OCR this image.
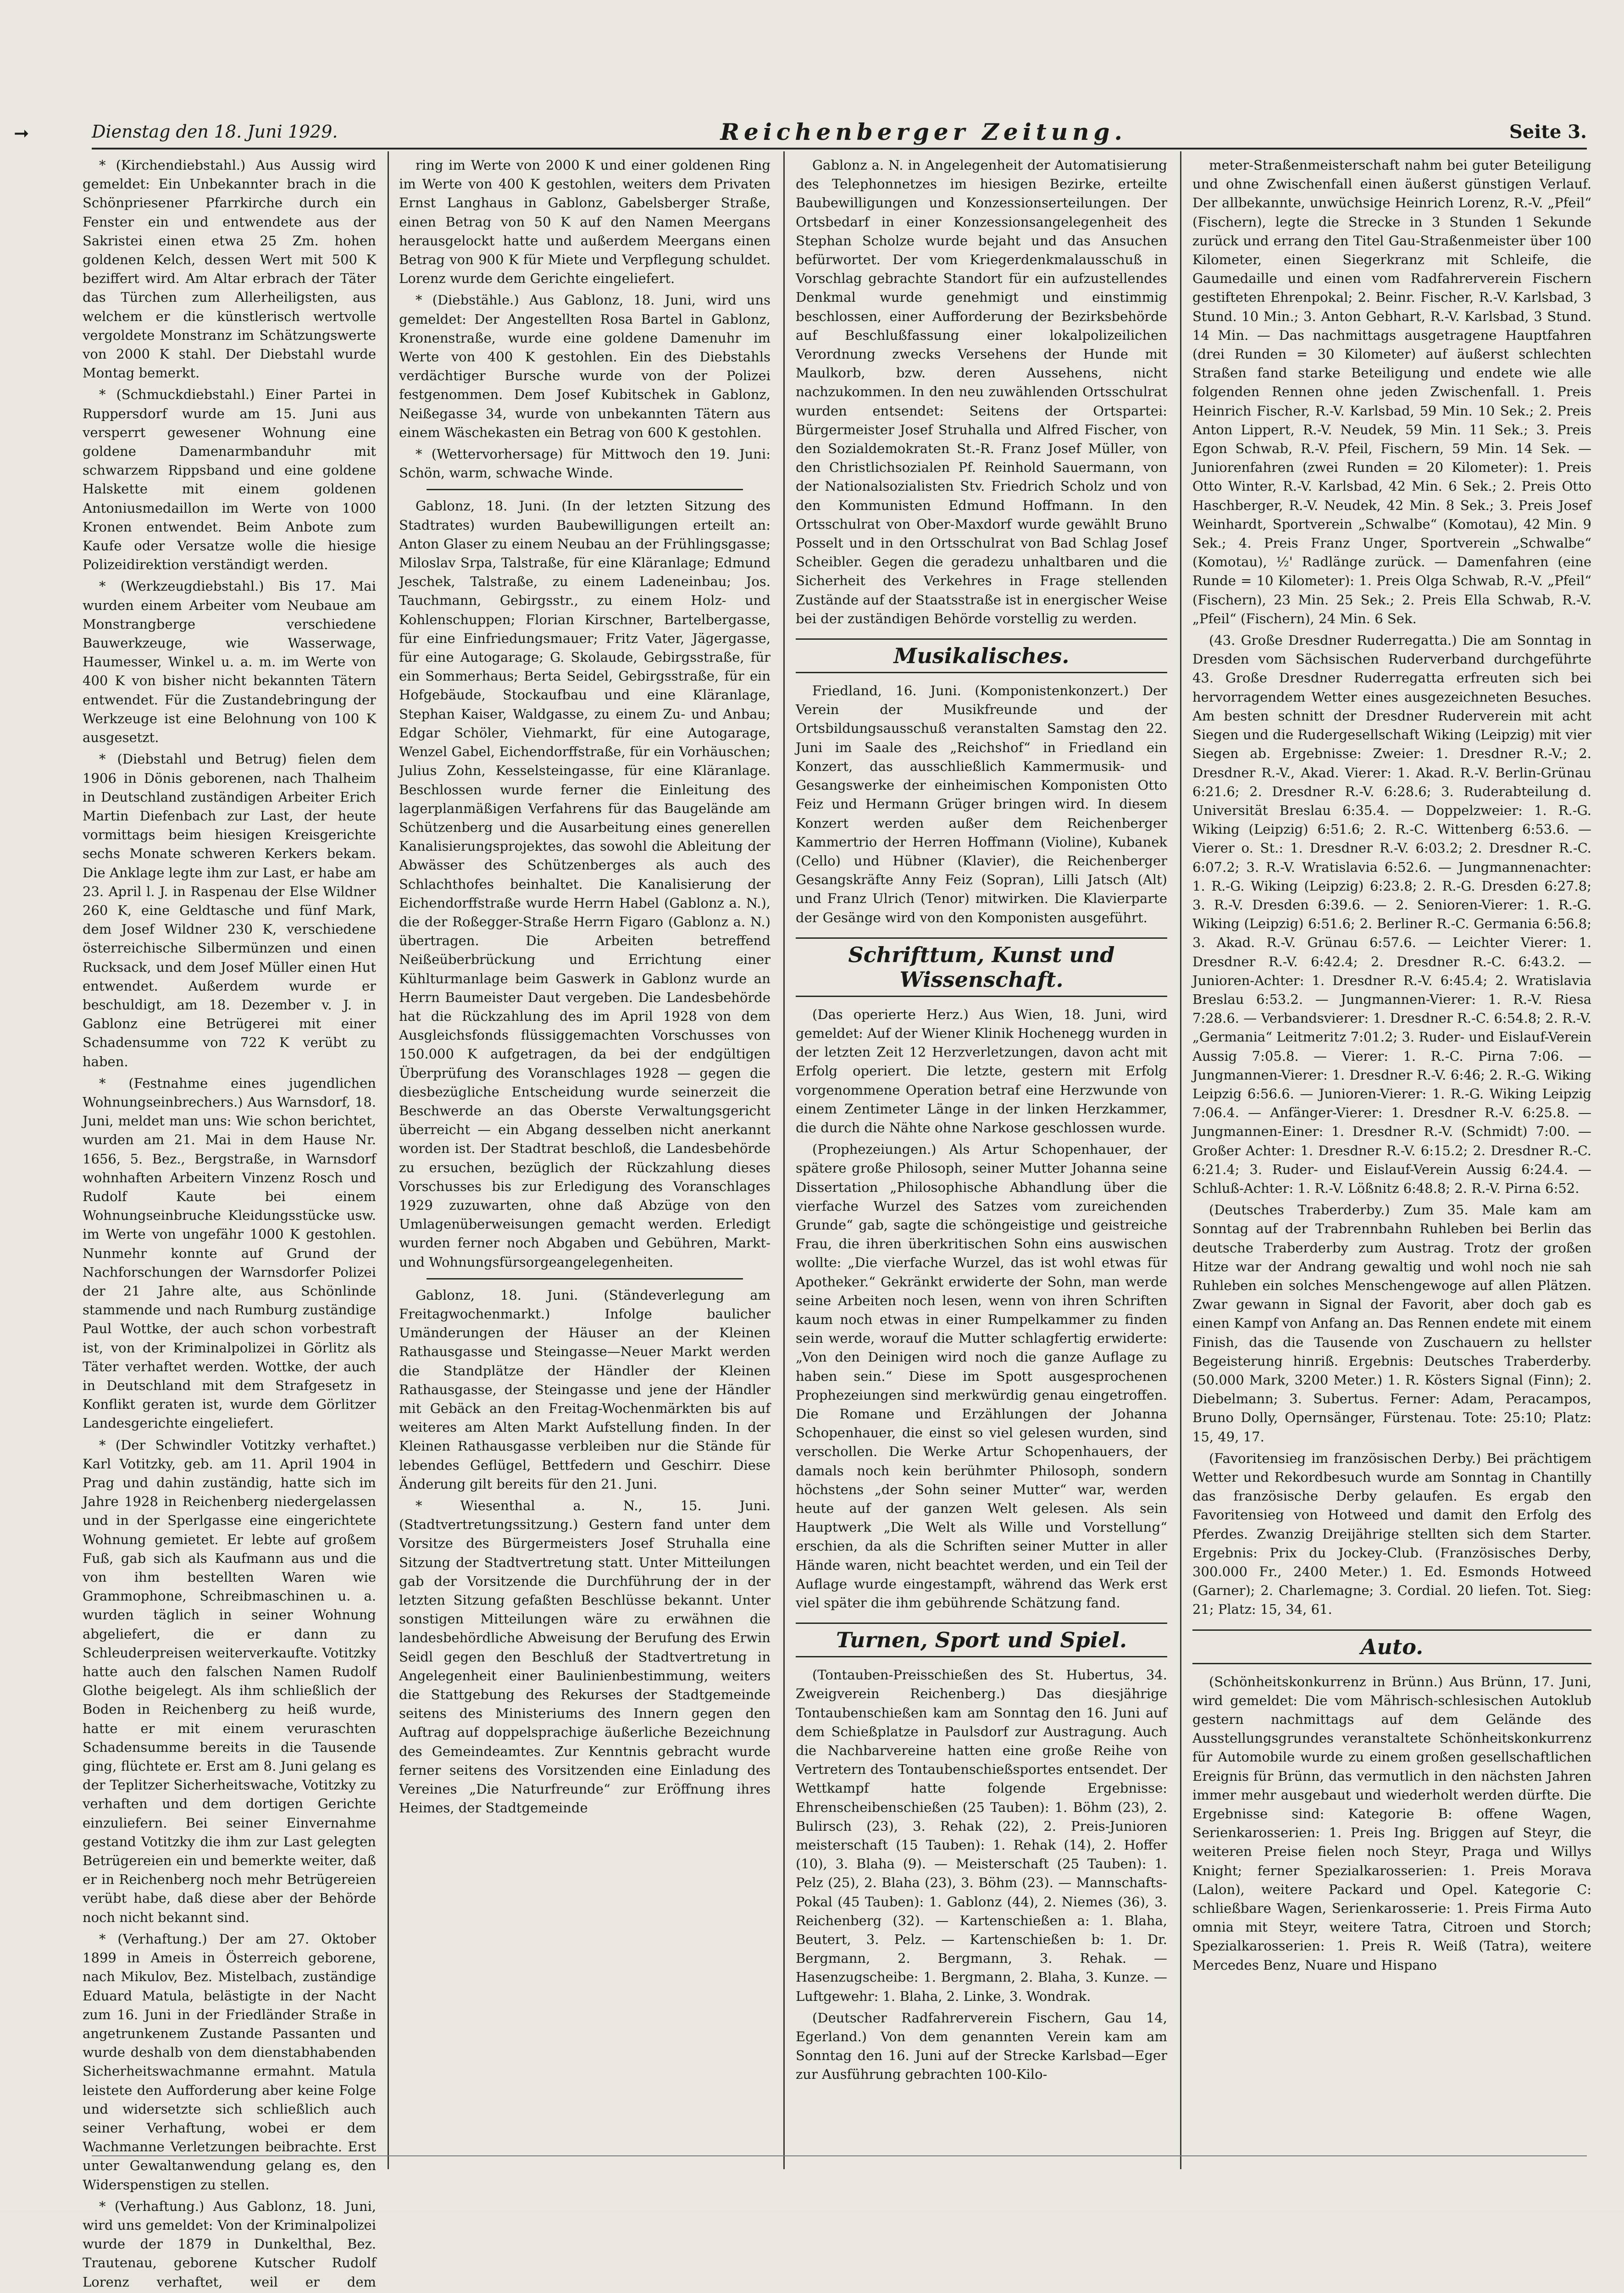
➞	Dienstag den 18. Juni 1929.	Reichenberger Zeitung.	Seite 3.

* (Kirchendiebstahl.) Aus Aussig wird gemeldet: Ein Unbekannter brach in die Schönpriesener Pfarrkirche durch ein Fenster ein und entwendete aus der Sakristei einen etwa 25 Zm. hohen goldenen Kelch, dessen Wert mit 500 K beziffert wird. Am Altar erbrach der Täter das Türchen zum Allerheiligsten, aus welchem er die künstlerisch wertvolle vergoldete Monstranz im Schätzungswerte von 2000 K stahl. Der Diebstahl wurde Montag bemerkt.

* (Schmuckdiebstahl.) Einer Partei in Ruppersdorf wurde am 15. Juni aus versperrt gewesener Wohnung eine goldene Damenarmbanduhr mit schwarzem Rippsband und eine goldene Halskette mit einem goldenen Antoniusmedaillon im Werte von 1000 Kronen entwendet. Beim Anbote zum Kaufe oder Versatze wolle die hiesige Polizeidirektion verständigt werden.

* (Werkzeugdiebstahl.) Bis 17. Mai wurden einem Arbeiter vom Neubaue am Monstrangberge verschiedene Bauwerkzeuge, wie Wasserwage, Haumesser, Winkel u. a. m. im Werte von 400 K von bisher nicht bekannten Tätern entwendet. Für die Zustandebringung der Werkzeuge ist eine Belohnung von 100 K ausgesetzt.

* (Diebstahl und Betrug) fielen dem 1906 in Dönis geborenen, nach Thalheim in Deutschland zuständigen Arbeiter Erich Martin Diefenbach zur Last, der heute vormittags beim hiesigen Kreisgerichte sechs Monate schweren Kerkers bekam. Die Anklage legte ihm zur Last, er habe am 23. April l. J. in Raspenau der Else Wildner 260 K, eine Geldtasche und fünf Mark, dem Josef Wildner 230 K, verschiedene österreichische Silbermünzen und einen Rucksack, und dem Josef Müller einen Hut entwendet. Außerdem wurde er beschuldigt, am 18. Dezember v. J. in Gablonz eine Betrügerei mit einer Schadensumme von 722 K verübt zu haben.

* (Festnahme eines jugendlichen Wohnungseinbrechers.) Aus Warnsdorf, 18. Juni, meldet man uns: Wie schon berichtet, wurden am 21. Mai in dem Hause Nr. 1656, 5. Bez., Bergstraße, in Warnsdorf wohnhaften Arbeitern Vinzenz Rosch und Rudolf Kaute bei einem Wohnungseinbruche Kleidungsstücke usw. im Werte von ungefähr 1000 K gestohlen. Nunmehr konnte auf Grund der Nachforschungen der Warnsdorfer Polizei der 21 Jahre alte, aus Schönlinde stammende und nach Rumburg zuständige Paul Wottke, der auch schon vorbestraft ist, von der Kriminalpolizei in Görlitz als Täter verhaftet werden. Wottke, der auch in Deutschland mit dem Strafgesetz in Konflikt geraten ist, wurde dem Görlitzer Landesgerichte eingeliefert.

* (Der Schwindler Votitzky verhaftet.) Karl Votitzky, geb. am 11. April 1904 in Prag und dahin zuständig, hatte sich im Jahre 1928 in Reichenberg niedergelassen und in der Sperlgasse eine eingerichtete Wohnung gemietet. Er lebte auf großem Fuß, gab sich als Kaufmann aus und die von ihm bestellten Waren wie Grammophone, Schreibmaschinen u. a. wurden täglich in seiner Wohnung abgeliefert, die er dann zu Schleuderpreisen weiterverkaufte. Votitzky hatte auch den falschen Namen Rudolf Glothe beigelegt. Als ihm schließlich der Boden in Reichenberg zu heiß wurde, hatte er mit einem veruraschten Schadensumme bereits in die Tausende ging, flüchtete er. Erst am 8. Juni gelang es der Teplitzer Sicherheitswache, Votitzky zu verhaften und dem dortigen Gerichte einzuliefern. Bei seiner Einvernahme gestand Votitzky die ihm zur Last gelegten Betrügereien ein und bemerkte weiter, daß er in Reichenberg noch mehr Betrügereien verübt habe, daß diese aber der Behörde noch nicht bekannt sind.

* (Verhaftung.) Der am 27. Oktober 1899 in Ameis in Österreich geborene, nach Mikulov, Bez. Mistelbach, zuständige Eduard Matula, belästigte in der Nacht zum 16. Juni in der Friedländer Straße in angetrunkenem Zustande Passanten und wurde deshalb von dem dienstabhabenden Sicherheitswachmanne ermahnt. Matula leistete den Aufforderung aber keine Folge und widersetzte sich schließlich auch seiner Verhaftung, wobei er dem Wachmanne Verletzungen beibrachte. Erst unter Gewaltanwendung gelang es, den Widerspenstigen zu stellen.

* (Verhaftung.) Aus Gablonz, 18. Juni, wird uns gemeldet: Von der Kriminalpolizei wurde der 1879 in Dunkelthal, Bez. Trautenau, geborene Kutscher Rudolf Lorenz verhaftet, weil er dem

ring im Werte von 2000 K und einer goldenen Ring im Werte von 400 K gestohlen, weiters dem Privaten Ernst Langhaus in Gablonz, Gabelsberger Straße, einen Betrag von 50 K auf den Namen Meergans herausgelockt hatte und außerdem Meergans einen Betrag von 900 K für Miete und Verpflegung schuldet. Lorenz wurde dem Gerichte eingeliefert.

* (Diebstähle.) Aus Gablonz, 18. Juni, wird uns gemeldet: Der Angestellten Rosa Bartel in Gablonz, Kronenstraße, wurde eine goldene Damenuhr im Werte von 400 K gestohlen. Ein des Diebstahls verdächtiger Bursche wurde von der Polizei festgenommen. Dem Josef Kubitschek in Gablonz, Neißegasse 34, wurde von unbekannten Tätern aus einem Wäschekasten ein Betrag von 600 K gestohlen.

* (Wettervorhersage) für Mittwoch den 19. Juni: Schön, warm, schwache Winde.

Gablonz, 18. Juni. (In der letzten Sitzung des Stadtrates) wurden Baubewilligungen erteilt an: Anton Glaser zu einem Neubau an der Frühlingsgasse; Miloslav Srpa, Talstraße, für eine Kläranlage; Edmund Jeschek, Talstraße, zu einem Ladeneinbau; Jos. Tauchmann, Gebirgsstr., zu einem Holz- und Kohlenschuppen; Florian Kirschner, Bartelbergasse, für eine Einfriedungsmauer; Fritz Vater, Jägergasse, für eine Autogarage; G. Skolaude, Gebirgsstraße, für ein Sommerhaus; Berta Seidel, Gebirgsstraße, für ein Hofgebäude, Stockaufbau und eine Kläranlage, Stephan Kaiser, Waldgasse, zu einem Zu- und Anbau; Edgar Schöler, Viehmarkt, für eine Autogarage, Wenzel Gabel, Eichendorffstraße, für ein Vorhäuschen; Julius Zohn, Kesselsteingasse, für eine Kläranlage. Beschlossen wurde ferner die Einleitung des lagerplanmäßigen Verfahrens für das Baugelände am Schützenberg und die Ausarbeitung eines generellen Kanalisierungsprojektes, das sowohl die Ableitung der Abwässer des Schützenberges als auch des Schlachthofes beinhaltet. Die Kanalisierung der Eichendorffstraße wurde Herrn Habel (Gablonz a. N.), die der Roßegger-Straße Herrn Figaro (Gablonz a. N.) übertragen. Die Arbeiten betreffend Neißeüberbrückung und Errichtung einer Kühlturmanlage beim Gaswerk in Gablonz wurde an Herrn Baumeister Daut vergeben. Die Landesbehörde hat die Rückzahlung des im April 1928 von dem Ausgleichsfonds flüssiggemachten Vorschusses von 150.000 K aufgetragen, da bei der endgültigen Überprüfung des Voranschlages 1928 — gegen die diesbezügliche Entscheidung wurde seinerzeit die Beschwerde an das Oberste Verwaltungsgericht überreicht — ein Abgang desselben nicht anerkannt worden ist. Der Stadtrat beschloß, die Landesbehörde zu ersuchen, bezüglich der Rückzahlung dieses Vorschusses bis zur Erledigung des Voranschlages 1929 zuzuwarten, ohne daß Abzüge von den Umlagenüberweisungen gemacht werden. Erledigt wurden ferner noch Abgaben und Gebühren, Markt- und Wohnungsfürsorgeangelegenheiten.

Gablonz, 18. Juni. (Ständeverlegung am Freitagwochenmarkt.) Infolge baulicher Umänderungen der Häuser an der Kleinen Rathausgasse und Steingasse—Neuer Markt werden die Standplätze der Händler der Kleinen Rathausgasse, der Steingasse und jene der Händler mit Gebäck an den Freitag-Wochenmärkten bis auf weiteres am Alten Markt Aufstellung finden. In der Kleinen Rathausgasse verbleiben nur die Stände für lebendes Geflügel, Bettfedern und Geschirr. Diese Änderung gilt bereits für den 21. Juni.

* Wiesenthal a. N., 15. Juni. (Stadtvertretungssitzung.) Gestern fand unter dem Vorsitze des Bürgermeisters Josef Struhalla eine Sitzung der Stadtvertretung statt. Unter Mitteilungen gab der Vorsitzende die Durchführung der in der letzten Sitzung gefaßten Beschlüsse bekannt. Unter sonstigen Mitteilungen wäre zu erwähnen die landesbehördliche Abweisung der Berufung des Erwin Seidl gegen den Beschluß der Stadtvertretung in Angelegenheit einer Baulinienbestimmung, weiters die Stattgebung des Rekurses der Stadtgemeinde seitens des Ministeriums des Innern gegen den Auftrag auf doppelsprachige äußerliche Bezeichnung des Gemeindeamtes. Zur Kenntnis gebracht wurde ferner seitens des Vorsitzenden eine Einladung des Vereines „Die Naturfreunde“ zur Eröffnung ihres Heimes, der Stadtgemeinde

Gablonz a. N. in Angelegenheit der Automatisierung des Telephonnetzes im hiesigen Bezirke, erteilte Baubewilligungen und Konzessionserteilungen. Der Ortsbedarf in einer Konzessionsangelegenheit des Stephan Scholze wurde bejaht und das Ansuchen befürwortet. Der vom Kriegerdenkmalausschuß in Vorschlag gebrachte Standort für ein aufzustellendes Denkmal wurde genehmigt und einstimmig beschlossen, einer Aufforderung der Bezirksbehörde auf Beschlußfassung einer lokalpolizeilichen Verordnung zwecks Versehens der Hunde mit Maulkorb, bzw. deren Aussehens, nicht nachzukommen. In den neu zuwählenden Ortsschulrat wurden entsendet: Seitens der Ortspartei: Bürgermeister Josef Struhalla und Alfred Fischer, von den Sozialdemokraten St.-R. Franz Josef Müller, von den Christlichsozialen Pf. Reinhold Sauermann, von der Nationalsozialisten Stv. Friedrich Scholz und von den Kommunisten Edmund Hoffmann. In den Ortsschulrat von Ober-Maxdorf wurde gewählt Bruno Posselt und in den Ortsschulrat von Bad Schlag Josef Scheibler. Gegen die geradezu unhaltbaren und die Sicherheit des Verkehres in Frage stellenden Zustände auf der Staatsstraße ist in energischer Weise bei der zuständigen Behörde vorstellig zu werden.

Musikalisches.

Friedland, 16. Juni. (Komponistenkonzert.) Der Verein der Musikfreunde und der Ortsbildungsausschuß veranstalten Samstag den 22. Juni im Saale des „Reichshof“ in Friedland ein Konzert, das ausschließlich Kammermusik- und Gesangswerke der einheimischen Komponisten Otto Feiz und Hermann Grüger bringen wird. In diesem Konzert werden außer dem Reichenberger Kammertrio der Herren Hoffmann (Violine), Kubanek (Cello) und Hübner (Klavier), die Reichenberger Gesangskräfte Anny Feiz (Sopran), Lilli Jatsch (Alt) und Franz Ulrich (Tenor) mitwirken. Die Klavierparte der Gesänge wird von den Komponisten ausgeführt.

Schrifttum, Kunst und Wissenschaft.

(Das operierte Herz.) Aus Wien, 18. Juni, wird gemeldet: Auf der Wiener Klinik Hochenegg wurden in der letzten Zeit 12 Herzverletzungen, davon acht mit Erfolg operiert. Die letzte, gestern mit Erfolg vorgenommene Operation betraf eine Herzwunde von einem Zentimeter Länge in der linken Herzkammer, die durch die Nähte ohne Narkose geschlossen wurde.

(Prophezeiungen.) Als Artur Schopenhauer, der spätere große Philosoph, seiner Mutter Johanna seine Dissertation „Philosophische Abhandlung über die vierfache Wurzel des Satzes vom zureichenden Grunde“ gab, sagte die schöngeistige und geistreiche Frau, die ihren überkritischen Sohn eins auswischen wollte: „Die vierfache Wurzel, das ist wohl etwas für Apotheker.“ Gekränkt erwiderte der Sohn, man werde seine Arbeiten noch lesen, wenn von ihren Schriften kaum noch etwas in einer Rumpelkammer zu finden sein werde, worauf die Mutter schlagfertig erwiderte: „Von den Deinigen wird noch die ganze Auflage zu haben sein.“ Diese im Spott ausgesprochenen Prophezeiungen sind merkwürdig genau eingetroffen. Die Romane und Erzählungen der Johanna Schopenhauer, die einst so viel gelesen wurden, sind verschollen. Die Werke Artur Schopenhauers, der damals noch kein berühmter Philosoph, sondern höchstens „der Sohn seiner Mutter“ war, werden heute auf der ganzen Welt gelesen. Als sein Hauptwerk „Die Welt als Wille und Vorstellung“ erschien, da als die Schriften seiner Mutter in aller Hände waren, nicht beachtet werden, und ein Teil der Auflage wurde eingestampft, während das Werk erst viel später die ihm gebührende Schätzung fand.

Turnen, Sport und Spiel.

(Tontauben-Preisschießen des St. Hubertus, 34. Zweigverein Reichenberg.) Das diesjährige Tontaubenschießen kam am Sonntag den 16. Juni auf dem Schießplatze in Paulsdorf zur Austragung. Auch die Nachbarvereine hatten eine große Reihe von Vertretern des Tontaubenschießsportes entsendet. Der Wettkampf hatte folgende Ergebnisse: Ehrenscheibenschießen (25 Tauben): 1. Böhm (23), 2. Bulirsch (23), 3. Rehak (22), 2. Preis-Junioren meisterschaft (15 Tauben): 1. Rehak (14), 2. Hoffer (10), 3. Blaha (9). — Meisterschaft (25 Tauben): 1. Pelz (25), 2. Blaha (23), 3. Böhm (23). — Mannschafts-Pokal (45 Tauben): 1. Gablonz (44), 2. Niemes (36), 3. Reichenberg (32). — Kartenschießen a: 1. Blaha, Beutert, 3. Pelz. — Kartenschießen b: 1. Dr. Bergmann, 2. Bergmann, 3. Rehak. — Hasenzugscheibe: 1. Bergmann, 2. Blaha, 3. Kunze. — Luftgewehr: 1. Blaha, 2. Linke, 3. Wondrak.

(Deutscher Radfahrerverein Fischern, Gau 14, Egerland.) Von dem genannten Verein kam am Sonntag den 16. Juni auf der Strecke Karlsbad—Eger zur Ausführung gebrachten 100-Kilo-

meter-Straßenmeisterschaft nahm bei guter Beteiligung und ohne Zwischenfall einen äußerst günstigen Verlauf. Der allbekannte, unwüchsige Heinrich Lorenz, R.-V. „Pfeil“ (Fischern), legte die Strecke in 3 Stunden 1 Sekunde zurück und errang den Titel Gau-Straßenmeister über 100 Kilometer, einen Siegerkranz mit Schleife, die Gaumedaille und einen vom Radfahrerverein Fischern gestifteten Ehrenpokal; 2. Beinr. Fischer, R.-V. Karlsbad, 3 Stund. 10 Min.; 3. Anton Gebhart, R.-V. Karlsbad, 3 Stund. 14 Min. — Das nachmittags ausgetragene Hauptfahren (drei Runden = 30 Kilometer) auf äußerst schlechten Straßen fand starke Beteiligung und endete wie alle folgenden Rennen ohne jeden Zwischenfall. 1. Preis Heinrich Fischer, R.-V. Karlsbad, 59 Min. 10 Sek.; 2. Preis Anton Lippert, R.-V. Neudek, 59 Min. 11 Sek.; 3. Preis Egon Schwab, R.-V. Pfeil, Fischern, 59 Min. 14 Sek. — Juniorenfahren (zwei Runden = 20 Kilometer): 1. Preis Otto Winter, R.-V. Karlsbad, 42 Min. 6 Sek.; 2. Preis Otto Haschberger, R.-V. Neudek, 42 Min. 8 Sek.; 3. Preis Josef Weinhardt, Sportverein „Schwalbe“ (Komotau), 42 Min. 9 Sek.; 4. Preis Franz Unger, Sportverein „Schwalbe“ (Komotau), ½' Radlänge zurück. — Damenfahren (eine Runde = 10 Kilometer): 1. Preis Olga Schwab, R.-V. „Pfeil“ (Fischern), 23 Min. 25 Sek.; 2. Preis Ella Schwab, R.-V. „Pfeil“ (Fischern), 24 Min. 6 Sek.

(43. Große Dresdner Ruderregatta.) Die am Sonntag in Dresden vom Sächsischen Ruderverband durchgeführte 43. Große Dresdner Ruderregatta erfreuten sich bei hervorragendem Wetter eines ausgezeichneten Besuches. Am besten schnitt der Dresdner Ruderverein mit acht Siegen und die Rudergesellschaft Wiking (Leipzig) mit vier Siegen ab. Ergebnisse: Zweier: 1. Dresdner R.-V.; 2. Dresdner R.-V., Akad. Vierer: 1. Akad. R.-V. Berlin-Grünau 6:21.6; 2. Dresdner R.-V. 6:28.6; 3. Ruderabteilung d. Universität Breslau 6:35.4. — Doppelzweier: 1. R.-G. Wiking (Leipzig) 6:51.6; 2. R.-C. Wittenberg 6:53.6. — Vierer o. St.: 1. Dresdner R.-V. 6:03.2; 2. Dresdner R.-C. 6:07.2; 3. R.-V. Wratislavia 6:52.6. — Jungmannenachter: 1. R.-G. Wiking (Leipzig) 6:23.8; 2. R.-G. Dresden 6:27.8; 3. R.-V. Dresden 6:39.6. — 2. Senioren-Vierer: 1. R.-G. Wiking (Leipzig) 6:51.6; 2. Berliner R.-C. Germania 6:56.8; 3. Akad. R.-V. Grünau 6:57.6. — Leichter Vierer: 1. Dresdner R.-V. 6:42.4; 2. Dresdner R.-C. 6:43.2. — Junioren-Achter: 1. Dresdner R.-V. 6:45.4; 2. Wratislavia Breslau 6:53.2. — Jungmannen-Vierer: 1. R.-V. Riesa 7:28.6. — Verbandsvierer: 1. Dresdner R.-C. 6:54.8; 2. R.-V. „Germania“ Leitmeritz 7:01.2; 3. Ruder- und Eislauf-Verein Aussig 7:05.8. — Vierer: 1. R.-C. Pirna 7:06. — Jungmannen-Vierer: 1. Dresdner R.-V. 6:46; 2. R.-G. Wiking Leipzig 6:56.6. — Junioren-Vierer: 1. R.-G. Wiking Leipzig 7:06.4. — Anfänger-Vierer: 1. Dresdner R.-V. 6:25.8. — Jungmannen-Einer: 1. Dresdner R.-V. (Schmidt) 7:00. — Großer Achter: 1. Dresdner R.-V. 6:15.2; 2. Dresdner R.-C. 6:21.4; 3. Ruder- und Eislauf-Verein Aussig 6:24.4. — Schluß-Achter: 1. R.-V. Lößnitz 6:48.8; 2. R.-V. Pirna 6:52.

(Deutsches Traberderby.) Zum 35. Male kam am Sonntag auf der Trabrennbahn Ruhleben bei Berlin das deutsche Traberderby zum Austrag. Trotz der großen Hitze war der Andrang gewaltig und wohl noch nie sah Ruhleben ein solches Menschengewoge auf allen Plätzen. Zwar gewann in Signal der Favorit, aber doch gab es einen Kampf von Anfang an. Das Rennen endete mit einem Finish, das die Tausende von Zuschauern zu hellster Begeisterung hinriß. Ergebnis: Deutsches Traberderby. (50.000 Mark, 3200 Meter.) 1. R. Kösters Signal (Finn); 2. Diebelmann; 3. Subertus. Ferner: Adam, Peracampos, Bruno Dolly, Opernsänger, Fürstenau. Tote: 25:10; Platz: 15, 49, 17.

(Favoritensieg im französischen Derby.) Bei prächtigem Wetter und Rekordbesuch wurde am Sonntag in Chantilly das französische Derby gelaufen. Es ergab den Favoritensieg von Hotweed und damit den Erfolg des Pferdes. Zwanzig Dreijährige stellten sich dem Starter. Ergebnis: Prix du Jockey-Club. (Französisches Derby, 300.000 Fr., 2400 Meter.) 1. Ed. Esmonds Hotweed (Garner); 2. Charlemagne; 3. Cordial. 20 liefen. Tot. Sieg: 21; Platz: 15, 34, 61.

Auto.

(Schönheitskonkurrenz in Brünn.) Aus Brünn, 17. Juni, wird gemeldet: Die vom Mährisch-schlesischen Autoklub gestern nachmittags auf dem Gelände des Ausstellungsgrundes veranstaltete Schönheitskonkurrenz für Automobile wurde zu einem großen gesellschaftlichen Ereignis für Brünn, das vermutlich in den nächsten Jahren immer mehr ausgebaut und wiederholt werden dürfte. Die Ergebnisse sind: Kategorie B: offene Wagen, Serienkarosserien: 1. Preis Ing. Briggen auf Steyr, die weiteren Preise fielen noch Steyr, Praga und Willys Knight; ferner Spezialkarosserien: 1. Preis Morava (Lalon), weitere Packard und Opel. Kategorie C: schließbare Wagen, Serienkarosserie: 1. Preis Firma Auto omnia mit Steyr, weitere Tatra, Citroen und Storch; Spezialkarosserien: 1. Preis R. Weiß (Tatra), weitere Mercedes Benz, Nuare und Hispano
